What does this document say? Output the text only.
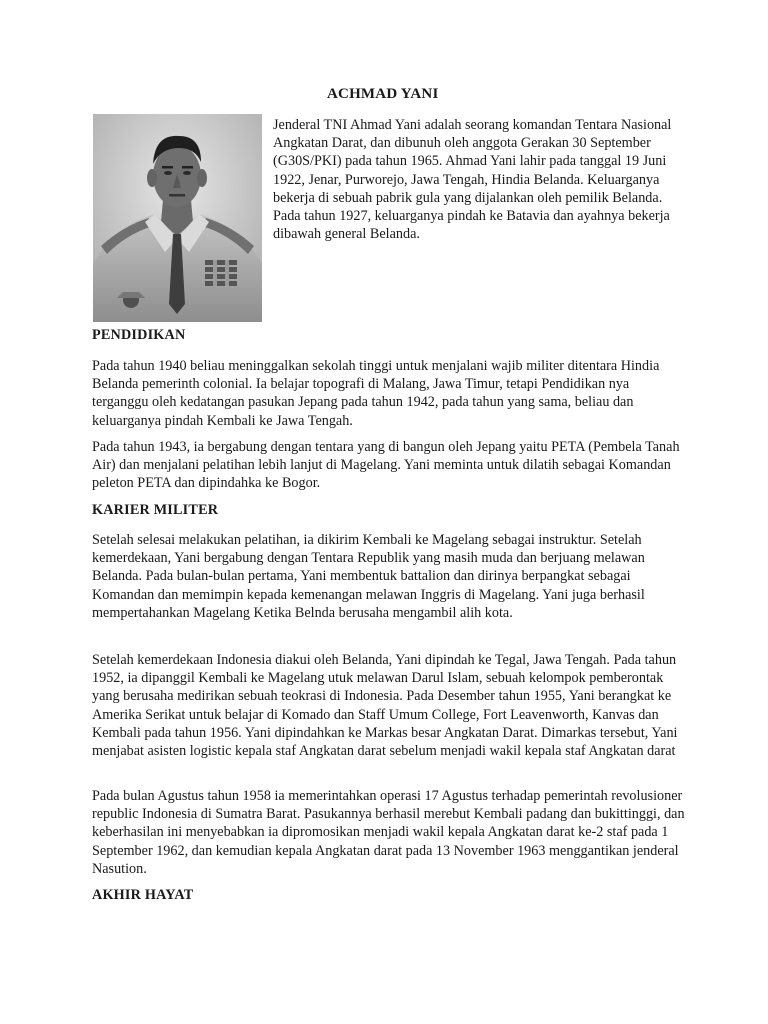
ACHMAD YANI

Jenderal TNI Ahmad Yani adalah seorang komandan Tentara Nasional Angkatan Darat, dan dibunuh oleh anggota Gerakan 30 September (G30S/PKI) pada tahun 1965. Ahmad Yani lahir pada tanggal 19 Juni 1922, Jenar, Purworejo, Jawa Tengah, Hindia Belanda. Keluarganya bekerja di sebuah pabrik gula yang dijalankan oleh pemilik Belanda. Pada tahun 1927, keluarganya pindah ke Batavia dan ayahnya bekerja dibawah general Belanda.

PENDIDIKAN

Pada tahun 1940 beliau meninggalkan sekolah tinggi untuk menjalani wajib militer ditentara Hindia Belanda pemerinth colonial. Ia belajar topografi di Malang, Jawa Timur, tetapi Pendidikan nya terganggu oleh kedatangan pasukan Jepang pada tahun 1942, pada tahun yang sama, beliau dan keluarganya pindah Kembali ke Jawa Tengah.

Pada tahun 1943, ia bergabung dengan tentara yang di bangun oleh Jepang yaitu PETA (Pembela Tanah Air) dan menjalani pelatihan lebih lanjut di Magelang. Yani meminta untuk dilatih sebagai Komandan peleton PETA dan dipindahka ke Bogor.

KARIER MILITER

Setelah selesai melakukan pelatihan, ia dikirim Kembali ke Magelang sebagai instruktur. Setelah kemerdekaan, Yani bergabung dengan Tentara Republik yang masih muda dan berjuang melawan Belanda. Pada bulan-bulan pertama, Yani membentuk battalion dan dirinya berpangkat sebagai Komandan dan memimpin kepada kemenangan melawan Inggris di Magelang. Yani juga berhasil mempertahankan Magelang Ketika Belnda berusaha mengambil alih kota.

Setelah kemerdekaan Indonesia diakui oleh Belanda, Yani dipindah ke Tegal, Jawa Tengah. Pada tahun 1952, ia dipanggil Kembali ke Magelang utuk melawan Darul Islam, sebuah kelompok pemberontak yang berusaha medirikan sebuah teokrasi di Indonesia. Pada Desember tahun 1955, Yani berangkat ke Amerika Serikat untuk belajar di Komado dan Staff Umum College, Fort Leavenworth, Kanvas dan Kembali pada tahun 1956. Yani dipindahkan ke Markas besar Angkatan Darat. Dimarkas tersebut, Yani menjabat asisten logistic kepala staf Angkatan darat sebelum menjadi wakil kepala staf Angkatan darat

Pada bulan Agustus tahun 1958 ia memerintahkan operasi 17 Agustus terhadap pemerintah revolusioner republic Indonesia di Sumatra Barat. Pasukannya berhasil merebut Kembali padang dan bukittinggi, dan keberhasilan ini menyebabkan ia dipromosikan menjadi wakil kepala Angkatan darat ke-2 staf pada 1 September 1962, dan kemudian kepala Angkatan darat pada 13 November 1963 menggantikan jenderal Nasution.

AKHIR HAYAT
